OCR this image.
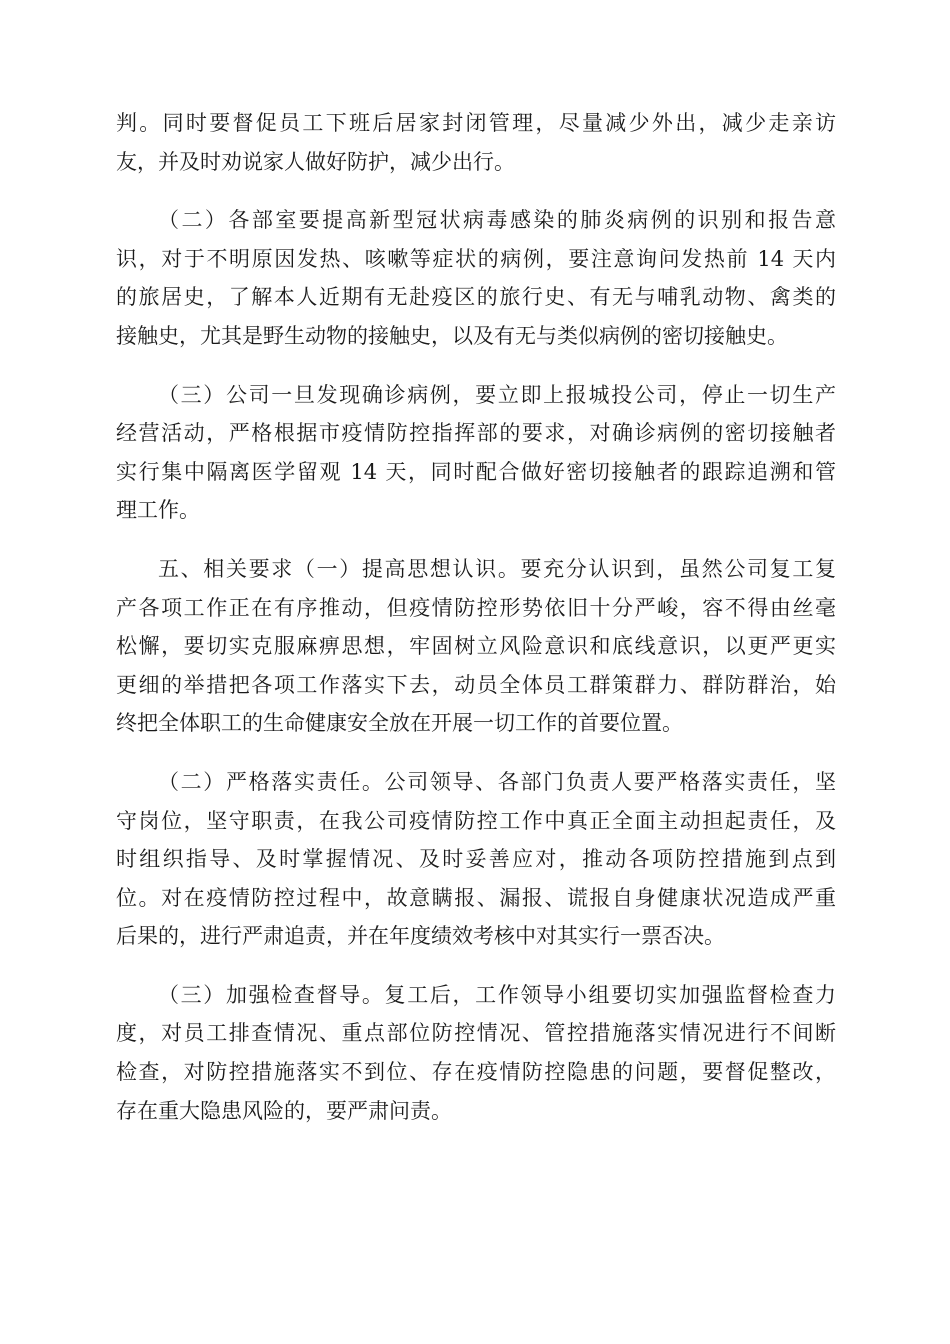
判。同时要督促员工下班后居家封闭管理，尽量减少外出，减少走亲访
友，并及时劝说家人做好防护，减少出行。

（二）各部室要提高新型冠状病毒感染的肺炎病例的识别和报告意
识，对于不明原因发热、咳嗽等症状的病例，要注意询问发热前 14 天内
的旅居史，了解本人近期有无赴疫区的旅行史、有无与哺乳动物、禽类的
接触史，尤其是野生动物的接触史，以及有无与类似病例的密切接触史。

（三）公司一旦发现确诊病例，要立即上报城投公司，停止一切生产
经营活动，严格根据市疫情防控指挥部的要求，对确诊病例的密切接触者
实行集中隔离医学留观 14 天，同时配合做好密切接触者的跟踪追溯和管
理工作。

五、相关要求（一）提高思想认识。要充分认识到，虽然公司复工复
产各项工作正在有序推动，但疫情防控形势依旧十分严峻，容不得由丝毫
松懈，要切实克服麻痹思想，牢固树立风险意识和底线意识，以更严更实
更细的举措把各项工作落实下去，动员全体员工群策群力、群防群治，始
终把全体职工的生命健康安全放在开展一切工作的首要位置。

（二）严格落实责任。公司领导、各部门负责人要严格落实责任，坚
守岗位，坚守职责，在我公司疫情防控工作中真正全面主动担起责任，及
时组织指导、及时掌握情况、及时妥善应对，推动各项防控措施到点到
位。对在疫情防控过程中，故意瞒报、漏报、谎报自身健康状况造成严重
后果的，进行严肃追责，并在年度绩效考核中对其实行一票否决。

（三）加强检查督导。复工后，工作领导小组要切实加强监督检查力
度，对员工排查情况、重点部位防控情况、管控措施落实情况进行不间断
检查，对防控措施落实不到位、存在疫情防控隐患的问题，要督促整改，
存在重大隐患风险的，要严肃问责。
